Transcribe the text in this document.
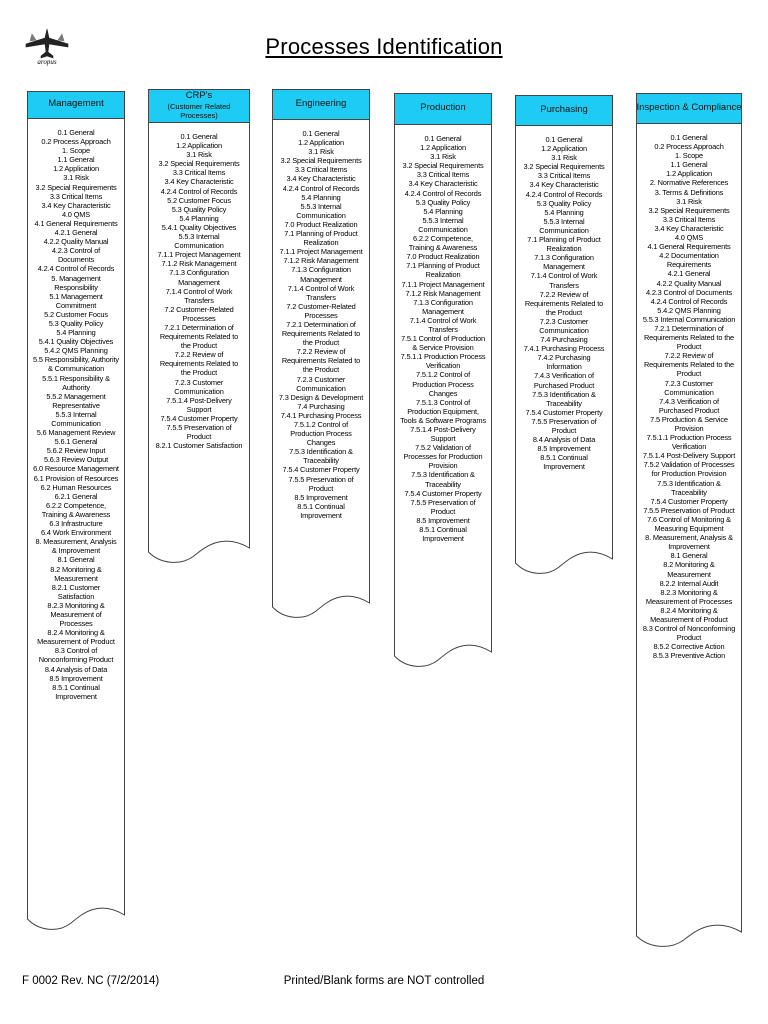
aropus
Processes Identification
Management
0.1 General
0.2 Process Approach
1. Scope
1.1 General
1.2 Application
3.1 Risk
3.2 Special Requirements
3.3 Critical Items
3.4 Key Characteristic
4.0 QMS
4.1 General Requirements
4.2.1 General
4.2.2 Quality Manual
4.2.3 Control of Documents
4.2.4 Control of Records
5. Management Responsibility
5.1 Management Commitment
5.2 Customer Focus
5.3 Quality Policy
5.4 Planning
5.4.1 Quality Objectives
5.4.2 QMS Planning
5.5 Responsibility, Authority & Communication
5.5.1 Responsibility & Authority
5.5.2 Management Representative
5.5.3 Internal Communication
5.6 Management Review
5.6.1 General
5.6.2 Review Input
5.6.3 Review Output
6.0 Resource Management
6.1 Provision of Resources
6.2 Human Resources
6.2.1 General
6.2.2 Competence, Training & Awareness
6.3 Infrastructure
6.4 Work Environment
8. Measurement, Analysis & Improvement
8.1 General
8.2 Monitoring & Measurement
8.2.1 Customer Satisfaction
8.2.3 Monitoring & Measurement of Processes
8.2.4 Monitoring & Measurement of Product
8.3 Control of Nonconforming Product
8.4 Analysis of Data
8.5 Improvement
8.5.1 Continual Improvement
CRP's
(Customer Related Processes)
0.1 General
1.2 Application
3.1 Risk
3.2 Special Requirements
3.3 Critical Items
3.4 Key Characteristic
4.2.4 Control of Records
5.2 Customer Focus
5.3 Quality Policy
5.4 Planning
5.4.1 Quality Objectives
5.5.3 Internal Communication
7.1.1 Project Management
7.1.2 Risk Management
7.1.3 Configuration Management
7.1.4 Control of Work Transfers
7.2 Customer-Related Processes
7.2.1 Determination of Requirements Related to the Product
7.2.2 Review of Requirements Related to the Product
7.2.3 Customer Communication
7.5.1.4 Post-Delivery Support
7.5.4 Customer Property
7.5.5 Preservation of Product
8.2.1 Customer Satisfaction
Engineering
0.1 General
1.2 Application
3.1 Risk
3.2 Special Requirements
3.3 Critical Items
3.4 Key Characteristic
4.2.4 Control of Records
5.4 Planning
5.5.3 Internal Communication
7.0 Product Realization
7.1 Planning of Product Realization
7.1.1 Project Management
7.1.2 Risk Management
7.1.3 Configuration Management
7.1.4 Control of Work Transfers
7.2 Customer-Related Processes
7.2.1 Determination of Requirements Related to the Product
7.2.2 Review of Requirements Related to the Product
7.2.3 Customer Communication
7.3 Design & Development
7.4 Purchasing
7.4.1 Purchasing Process
7.5.1.2 Control of Production Process Changes
7.5.3 Identification & Traceability
7.5.4 Customer Property
7.5.5 Preservation of Product
8.5 Improvement
8.5.1 Continual Improvement
Production
0.1 General
1.2 Application
3.1 Risk
3.2 Special Requirements
3.3 Critical Items
3.4 Key Characteristic
4.2.4 Control of Records
5.3 Quality Policy
5.4 Planning
5.5.3 Internal Communication
6.2.2 Competence, Training & Awareness
7.0 Product Realization
7.1 Planning of Product Realization
7.1.1 Project Management
7.1.2 Risk Management
7.1.3 Configuration Management
7.1.4 Control of Work Transfers
7.5.1 Control of Production & Service Provision
7.5.1.1 Production Process Verification
7.5.1.2 Control of Production Process Changes
7.5.1.3 Control of Production Equipment, Tools & Software Programs
7.5.1.4 Post-Delivery Support
7.5.2 Validation of Processes for Production Provision
7.5.3 Identification & Traceability
7.5.4 Customer Property
7.5.5 Preservation of Product
8.5 Improvement
8.5.1 Continual Improvement
Purchasing
0.1 General
1.2 Application
3.1 Risk
3.2 Special Requirements
3.3 Critical Items
3.4 Key Characteristic
4.2.4 Control of Records
5.3 Quality Policy
5.4 Planning
5.5.3 Internal Communication
7.1 Planning of Product Realization
7.1.3 Configuration Management
7.1.4 Control of Work Transfers
7.2.2 Review of Requirements Related to the Product
7.2.3 Customer Communication
7.4 Purchasing
7.4.1 Purchasing Process
7.4.2 Purchasing Information
7.4.3 Verification of Purchased Product
7.5.3 Identification & Traceability
7.5.4 Customer Property
7.5.5 Preservation of Product
8.4 Analysis of Data
8.5 Improvement
8.5.1 Continual Improvement
Inspection & Compliance
0.1 General
0.2 Process Approach
1. Scope
1.1 General
1.2 Application
2. Normative References
3. Terms & Definitions
3.1 Risk
3.2 Special Requirements
3.3 Critical Items
3.4 Key Characteristic
4.0 QMS
4.1 General Requirements
4.2 Documentation Requirements
4.2.1 General
4.2.2 Quality Manual
4.2.3 Control of Documents
4.2.4 Control of Records
5.4.2 QMS Planning
5.5.3 Internal Communication
7.2.1 Determination of Requirements Related to the Product
7.2.2 Review of Requirements Related to the Product
7.2.3 Customer Communication
7.4.3 Verification of Purchased Product
7.5 Production & Service Provision
7.5.1.1 Production Process Verification
7.5.1.4 Post-Delivery Support
7.5.2 Validation of Processes for Production Provision
7.5.3 Identification & Traceability
7.5.4 Customer Property
7.5.5 Preservation of Product
7.6 Control of Monitoring & Measuring Equipment
8. Measurement, Analysis & Improvement
8.1 General
8.2 Monitoring & Measurement
8.2.2 Internal Audit
8.2.3 Monitoring & Measurement of Processes
8.2.4 Monitoring & Measurement of Product
8.3 Control of Nonconforming Product
8.5.2 Corrective Action
8.5.3 Preventive Action
F 0002 Rev. NC (7/2/2014)	Printed/Blank forms are NOT controlled
